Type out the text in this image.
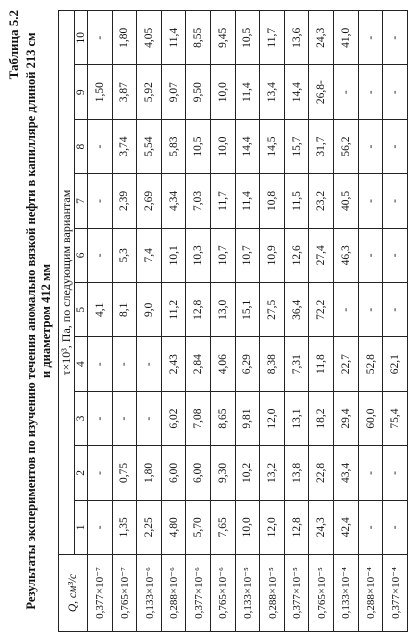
Таблица 5.2 Результаты экспериментов по изучению течения аномально вязкой нефти в капилляре длиной 213 см и диаметром 412 мм
Q, см³/с	τ×10³, Па, по следующим вариантам									
	1	2	3	4	5	6	7	8	9	10
0,377×10⁻⁷	-	-	-	-	4,1	-	-	-	1,50	-
0,765×10⁻⁷	1,35	0,75	-	-	8,1	5,3	2,39	3,74	3,87	1,80
0,133×10⁻⁶	2,25	1,80	-	-	9,0	7,4	2,69	5,54	5,92	4,05
0,288×10⁻⁶	4,80	6,00	6,02	2,43	11,2	10,1	4,34	5,83	9,07	11,4
0,377×10⁻⁶	5,70	6,00	7,08	2,84	12,8	10,3	7,03	10,5	9,50	8,55
0,765×10⁻⁶	7,65	9,30	8,65	4,06	13,0	10,7	11,7	10,0	10,0	9,45
0,133×10⁻⁵	10,0	10,2	9,81	6,29	15,1	10,7	11,4	14,4	11,4	10,5
0,288×10⁻⁵	12,0	13,2	12,0	8,38	27,5	10,9	10,8	14,5	13,4	11,7
0,377×10⁻⁵	12,8	13,8	13,1	7,31	36,4	12,6	11,5	15,7	14,4	13,6
0,765×10⁻⁵	24,3	22,8	18,2	11,8	72,2	27,4	23,2	31,7	26,8-	24,3
0,133×10⁻⁴	42,4	43,4	29,4	22,7	-	46,3	40,5	56,2	-	41,0
0,288×10⁻⁴	-	-	60,0	52,8	-	-	-	-	-	-
0,377×10⁻⁴	-	-	75,4	62,1	-	-	-	-	-	-
